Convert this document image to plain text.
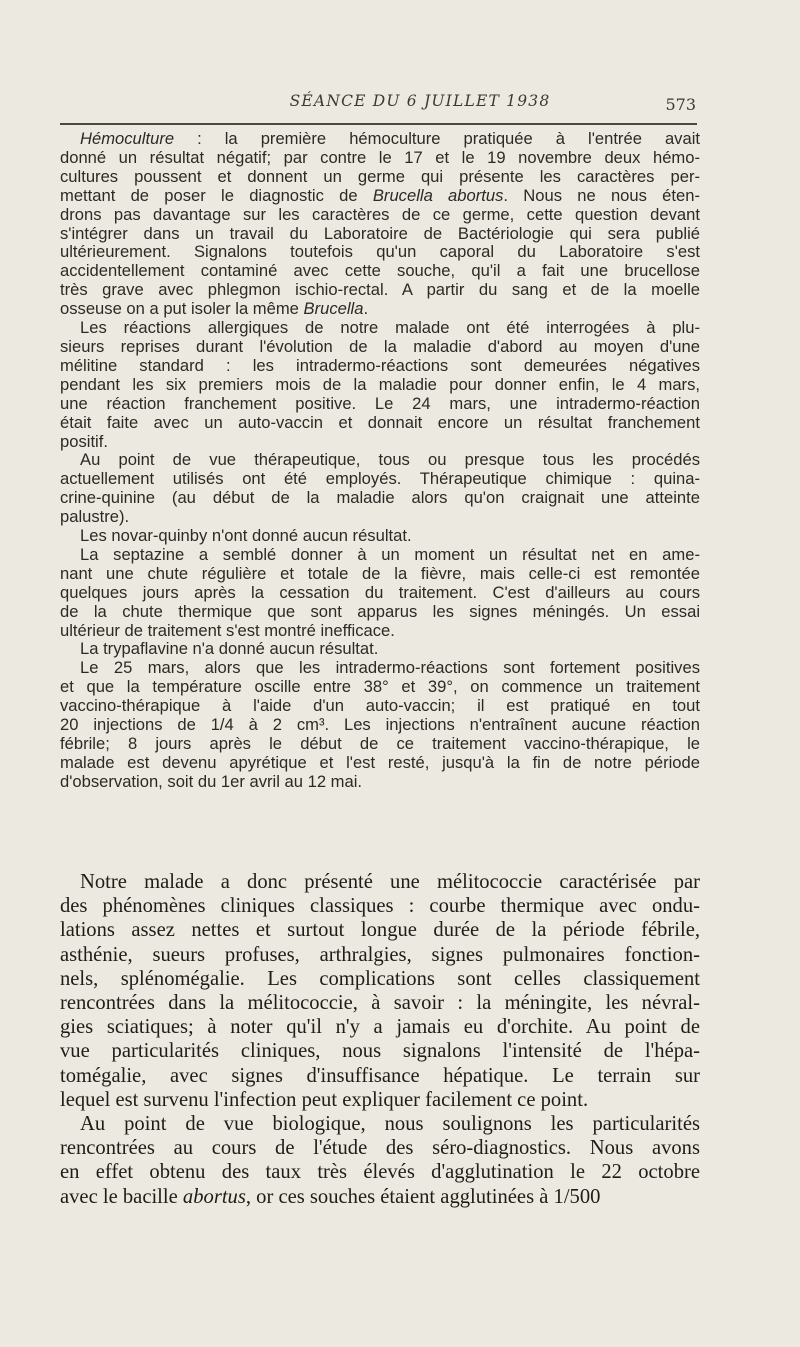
SÉANCE DU 6 JUILLET 1938	573
Hémoculture : la première hémoculture pratiquée à l'entrée avait
donné un résultat négatif; par contre le 17 et le 19 novembre deux hémo-
cultures poussent et donnent un germe qui présente les caractères per-
mettant de poser le diagnostic de Brucella abortus. Nous ne nous éten-
drons pas davantage sur les caractères de ce germe, cette question devant
s'intégrer dans un travail du Laboratoire de Bactériologie qui sera publié
ultérieurement. Signalons toutefois qu'un caporal du Laboratoire s'est
accidentellement contaminé avec cette souche, qu'il a fait une brucellose
très grave avec phlegmon ischio-rectal. A partir du sang et de la moelle
osseuse on a put isoler la même Brucella.
Les réactions allergiques de notre malade ont été interrogées à plu-
sieurs reprises durant l'évolution de la maladie d'abord au moyen d'une
mélitine standard : les intradermo-réactions sont demeurées négatives
pendant les six premiers mois de la maladie pour donner enfin, le 4 mars,
une réaction franchement positive. Le 24 mars, une intradermo-réaction
était faite avec un auto-vaccin et donnait encore un résultat franchement
positif.
Au point de vue thérapeutique, tous ou presque tous les procédés
actuellement utilisés ont été employés. Thérapeutique chimique : quina-
crine-quinine (au début de la maladie alors qu'on craignait une atteinte
palustre).
Les novar-quinby n'ont donné aucun résultat.
La septazine a semblé donner à un moment un résultat net en ame-
nant une chute régulière et totale de la fièvre, mais celle-ci est remontée
quelques jours après la cessation du traitement. C'est d'ailleurs au cours
de la chute thermique que sont apparus les signes méningés. Un essai
ultérieur de traitement s'est montré inefficace.
La trypaflavine n'a donné aucun résultat.
Le 25 mars, alors que les intradermo-réactions sont fortement positives
et que la température oscille entre 38° et 39°, on commence un traitement
vaccino-thérapique à l'aide d'un auto-vaccin; il est pratiqué en tout
20 injections de 1/4 à 2 cm³. Les injections n'entraînent aucune réaction
fébrile; 8 jours après le début de ce traitement vaccino-thérapique, le
malade est devenu apyrétique et l'est resté, jusqu'à la fin de notre période
d'observation, soit du 1er avril au 12 mai.
Notre malade a donc présenté une mélitococcie caractérisée par
des phénomènes cliniques classiques : courbe thermique avec ondu-
lations assez nettes et surtout longue durée de la période fébrile,
asthénie, sueurs profuses, arthralgies, signes pulmonaires fonction-
nels, splénomégalie. Les complications sont celles classiquement
rencontrées dans la mélitococcie, à savoir : la méningite, les névral-
gies sciatiques; à noter qu'il n'y a jamais eu d'orchite. Au point de
vue particularités cliniques, nous signalons l'intensité de l'hépa-
tomégalie, avec signes d'insuffisance hépatique. Le terrain sur
lequel est survenu l'infection peut expliquer facilement ce point.
Au point de vue biologique, nous soulignons les particularités
rencontrées au cours de l'étude des séro-diagnostics. Nous avons
en effet obtenu des taux très élevés d'agglutination le 22 octobre
avec le bacille abortus, or ces souches étaient agglutinées à 1/500
